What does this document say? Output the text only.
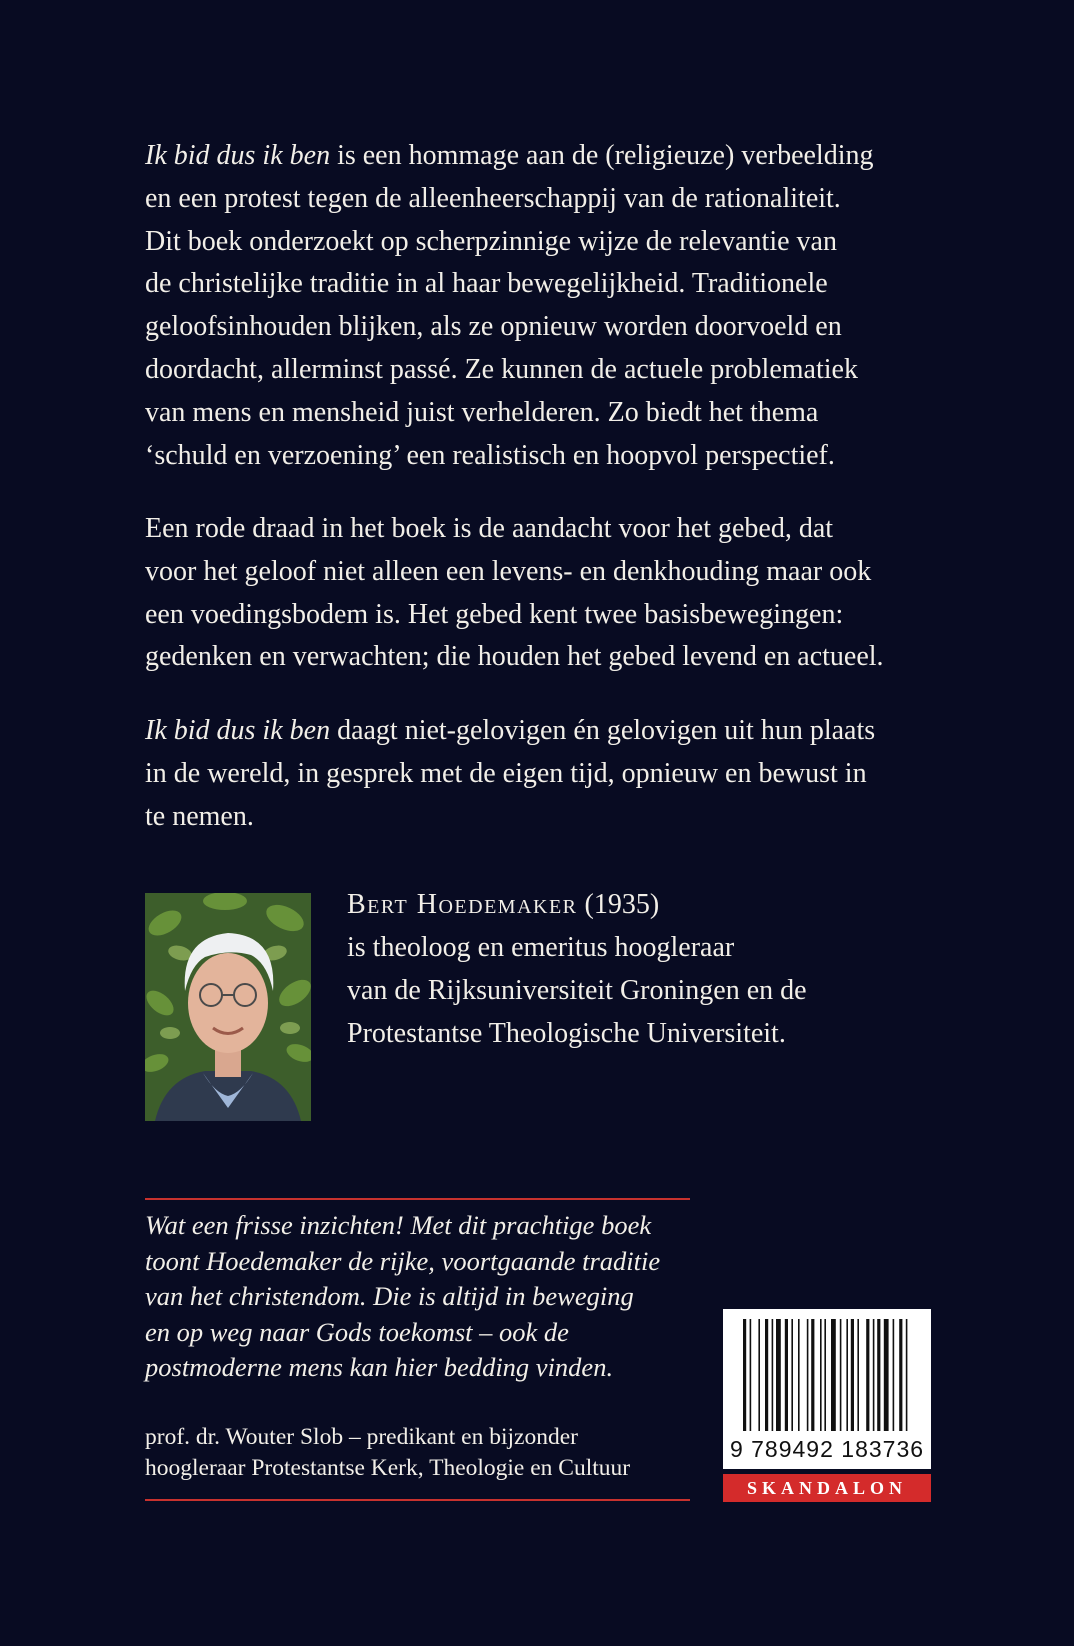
Ik bid dus ik ben is een hommage aan de (religieuze) verbeelding

en een protest tegen de alleenheerschappij van de rationaliteit.

Dit boek onderzoekt op scherpzinnige wijze de relevantie van

de christelijke traditie in al haar bewegelijkheid. Traditionele

geloofsinhouden blijken, als ze opnieuw worden doorvoeld en

doordacht, allerminst passé. Ze kunnen de actuele problematiek

van mens en mensheid juist verhelderen. Zo biedt het thema

‘schuld en verzoening’ een realistisch en hoopvol perspectief.

Een rode draad in het boek is de aandacht voor het gebed, dat

voor het geloof niet alleen een levens- en denkhouding maar ook

een voedingsbodem is. Het gebed kent twee basisbewegingen:

gedenken en verwachten; die houden het gebed levend en actueel.

Ik bid dus ik ben daagt niet-gelovigen én gelovigen uit hun plaats

in de wereld, in gesprek met de eigen tijd, opnieuw en bewust in

te nemen.

Bert Hoedemaker (1935)
is theoloog en emeritus hoogleraar
van de Rijksuniversiteit Groningen en de
Protestantse Theologische Universiteit.
Wat een frisse inzichten! Met dit prachtige boek
toont Hoedemaker de rijke, voortgaande traditie
van het christendom. Die is altijd in beweging
en op weg naar Gods toekomst – ook de
postmoderne mens kan hier bedding vinden.
prof. dr. Wouter Slob – predikant en bijzonder
hoogleraar Protestantse Kerk, Theologie en Cultuur
9 789492 183736
SKANDALON
